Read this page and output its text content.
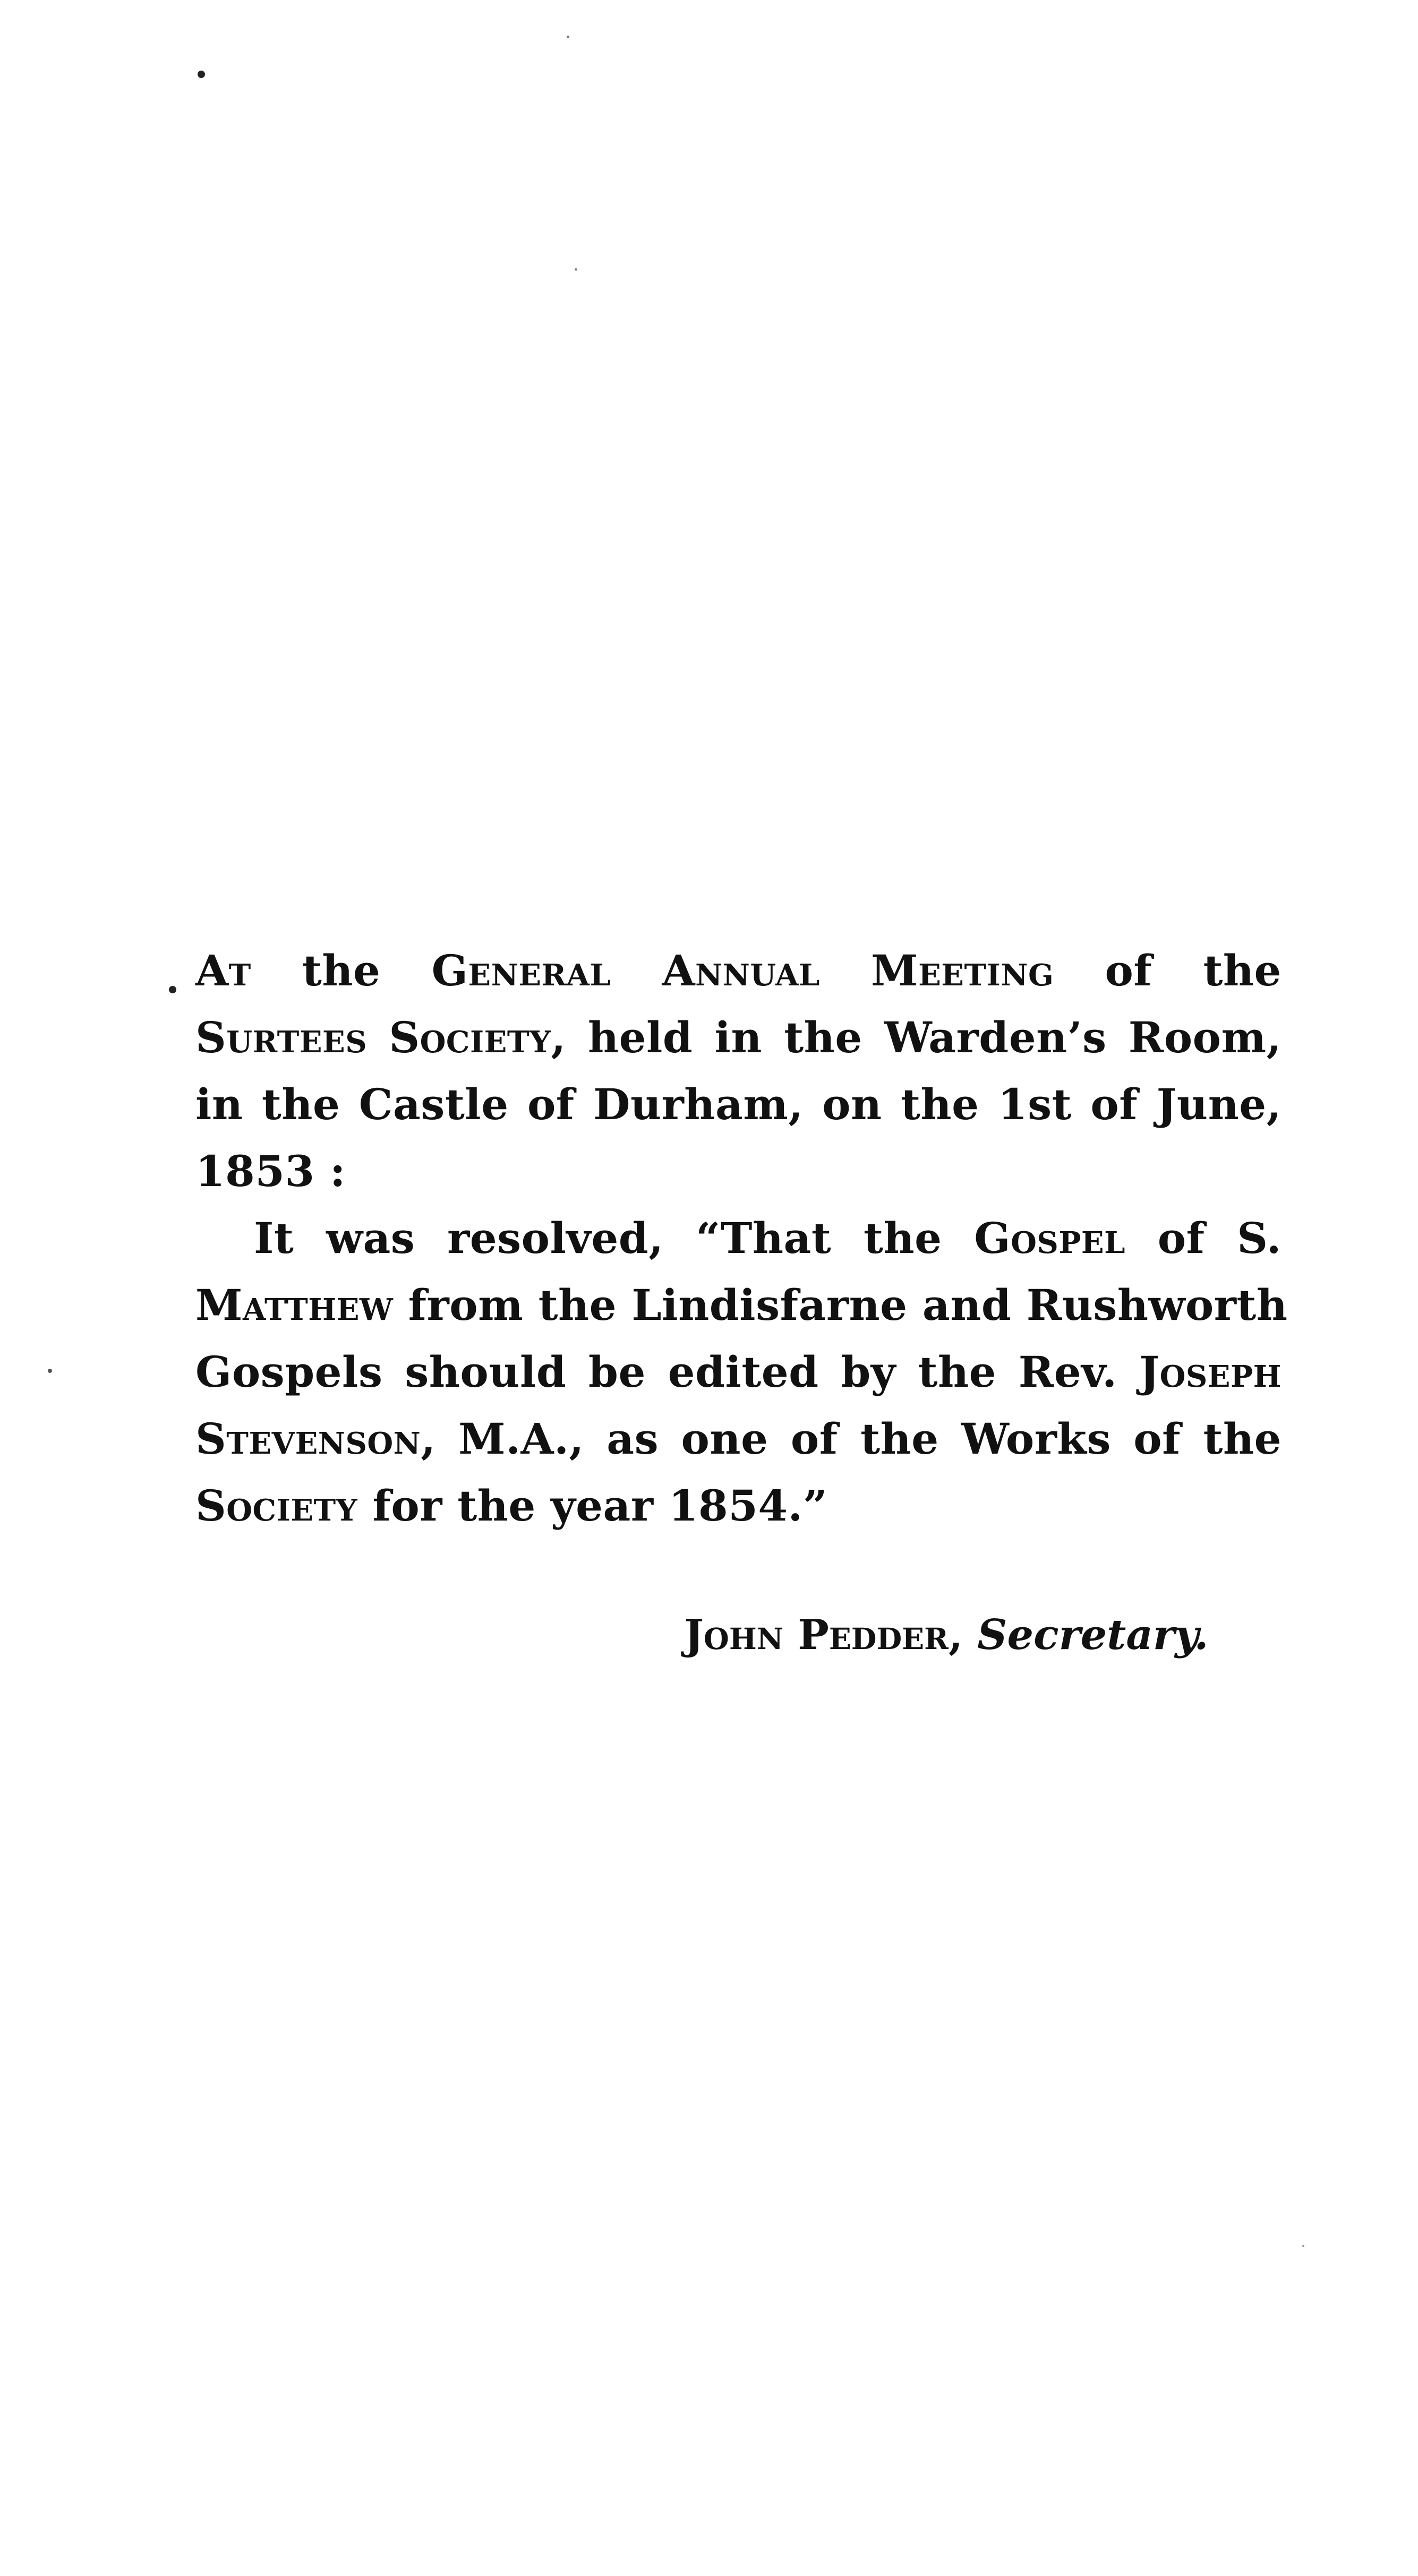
At the General Annual Meeting of the
Surtees Society, held in the Warden’s Room,
in the Castle of Durham, on the 1st of June,
1853 :

It was resolved, “That the Gospel of S.
Matthew from the Lindisfarne and Rushworth
Gospels should be edited by the Rev. Joseph
Stevenson, M.A., as one of the Works of the
Society for the year 1854.”

John Pedder, Secretary.
